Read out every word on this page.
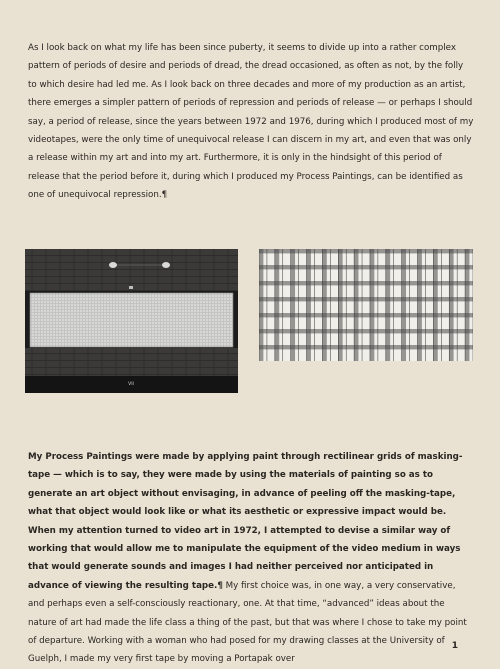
As I look back on what my life has been since puberty, it seems to divide up into a rather complex pattern of periods of desire and periods of dread, the dread occasioned, as often as not, by the folly to which desire had led me. As I look back on three decades and more of my production as an artist, there emerges a simpler pattern of periods of repression and periods of release — or perhaps I should say, a period of release, since the years between 1972 and 1976, during which I produced most of my videotapes, were the only time of unequivocal release I can discern in my art, and even that was only a release within my art and into my art. Furthermore, it is only in the hindsight of this period of release that the period before it, during which I produced my Process Paintings, can be identified as one of unequivocal repression.¶

VII

My Process Paintings were made by applying paint through rectilinear grids of masking-tape — which is to say, they were made by using the materials of painting so as to generate an art object without envisaging, in advance of peeling off the masking-tape, what that object would look like or what its aesthetic or expressive impact would be. When my attention turned to video art in 1972, I attempted to devise a similar way of working that would allow me to manipulate the equipment of the video medium in ways that would generate sounds and images I had neither perceived nor anticipated in advance of viewing the resulting tape.¶ My first choice was, in one way, a very conservative, and perhaps even a self-consciously reactionary, one. At that time, “advanced” ideas about the nature of art had made the life class a thing of the past, but that was where I chose to take my point of departure. Working with a woman who had posed for my drawing classes at the University of Guelph, I made my very first tape by moving a Portapak over

1
